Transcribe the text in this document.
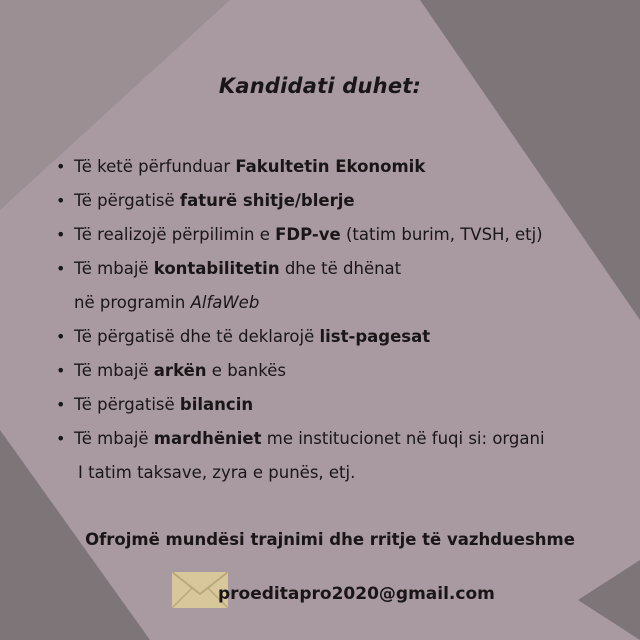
Kandidati duhet:
• Të ketë përfunduar Fakultetin Ekonomik
• Të përgatisë faturë shitje/blerje
• Të realizojë përpilimin e FDP-ve (tatim burim, TVSH, etj)
• Të mbajë kontabilitetin dhe të dhënat
në programin AlfaWeb
• Të përgatisë dhe të deklarojë list-pagesat
• Të mbajë arkën e bankës
• Të përgatisë bilancin
• Të mbajë mardhëniet me institucionet në fuqi si: organi
I tatim taksave, zyra e punës, etj.
Ofrojmë mundësi trajnimi dhe rritje të vazhdueshme
proeditapro2020@gmail.com
